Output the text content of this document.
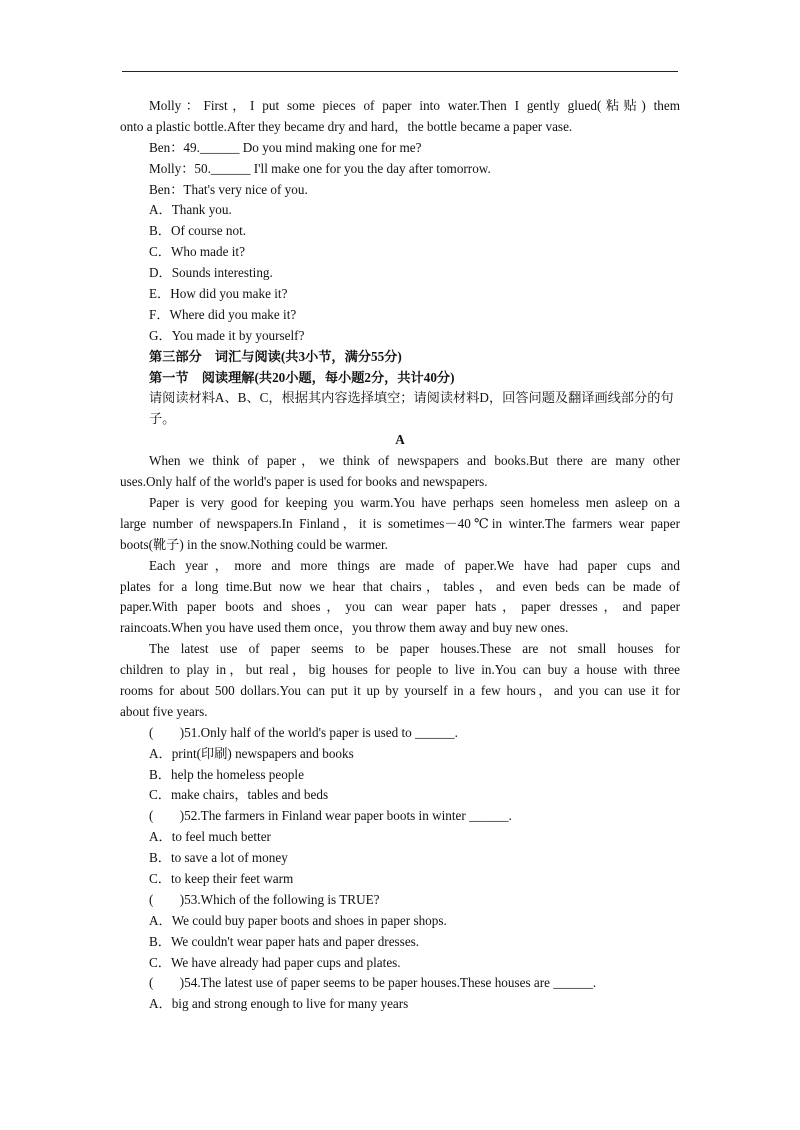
Molly：First，I put some pieces of paper into water.Then I gently glued(粘贴) them
onto a plastic bottle.After they became dry and hard，the bottle became a paper vase.
Ben：49.______ Do you mind making one for me?
Molly：50.______ I'll make one for you the day after tomorrow.
Ben：That's very nice of you.
A．Thank you.
B．Of course not.
C．Who made it?
D．Sounds interesting.
E．How did you make it?
F．Where did you make it?
G．You made it by yourself?
第三部分　词汇与阅读(共3小节，满分55分)
第一节　阅读理解(共20小题，每小题2分，共计40分)
请阅读材料A、B、C，根据其内容选择填空；请阅读材料D，回答问题及翻译画线部分的句子。
A
When we think of paper，we think of newspapers and books.But there are many other
uses.Only half of the world's paper is used for books and newspapers.
Paper is very good for keeping you warm.You have perhaps seen homeless men asleep on a
large number of newspapers.In Finland，it is sometimes－40℃in winter.The farmers wear paper
boots(靴子) in the snow.Nothing could be warmer.
Each year，more and more things are made of paper.We have had paper cups and
plates for a long time.But now we hear that chairs，tables，and even beds can be made of
paper.With paper boots and shoes，you can wear paper hats，paper dresses，and paper
raincoats.When you have used them once，you throw them away and buy new ones.
The latest use of paper seems to be paper houses.These are not small houses for
children to play in，but real，big houses for people to live in.You can buy a house with three
rooms for about 500 dollars.You can put it up by yourself in a few hours，and you can use it for
about five years.
(　　)51.Only half of the world's paper is used to ______.
A．print(印刷) newspapers and books
B．help the homeless people
C．make chairs，tables and beds
(　　)52.The farmers in Finland wear paper boots in winter ______.
A．to feel much better
B．to save a lot of money
C．to keep their feet warm
(　　)53.Which of the following is TRUE?
A．We could buy paper boots and shoes in paper shops.
B．We couldn't wear paper hats and paper dresses.
C．We have already had paper cups and plates.
(　　)54.The latest use of paper seems to be paper houses.These houses are ______.
A．big and strong enough to live for many years
